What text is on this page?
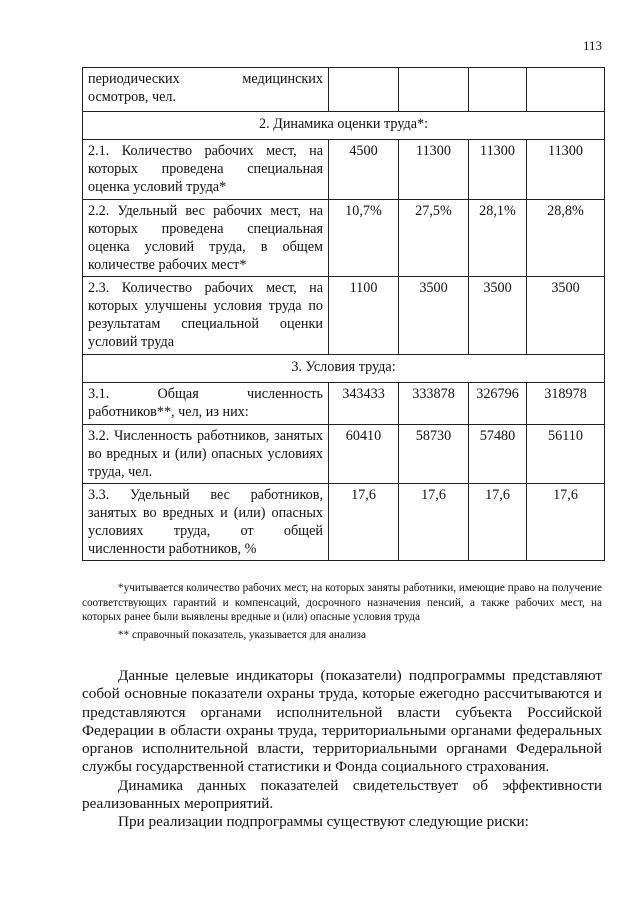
113
периодических медицинских осмотров, чел.				
2. Динамика оценки труда*:				
2.1. Количество рабочих мест, на которых проведена специальная оценка условий труда*	4500	11300	11300	11300
2.2. Удельный вес рабочих мест, на которых проведена специальная оценка условий труда, в общем количестве рабочих мест*	10,7%	27,5%	28,1%	28,8%
2.3. Количество рабочих мест, на которых улучшены условия труда по результатам специальной оценки условий труда	1100	3500	3500	3500
3. Условия труда:				
3.1. Общая численность работников**, чел, из них:	343433	333878	326796	318978
3.2. Численность работников, занятых во вредных и (или) опасных условиях труда, чел.	60410	58730	57480	56110
3.3. Удельный вес работников, занятых во вредных и (или) опасных условиях труда, от общей численности работников, %	17,6	17,6	17,6	17,6

*учитывается количество рабочих мест, на которых заняты работники, имеющие право на получение соответствующих гарантий и компенсаций, досрочного назначения пенсий, а также рабочих мест, на которых ранее были выявлены вредные и (или) опасные условия труда

** справочный показатель, указывается для анализа

Данные целевые индикаторы (показатели) подпрограммы представляют собой основные показатели охраны труда, которые ежегодно рассчитываются и представляются органами исполнительной власти субъекта Российской Федерации в области охраны труда, территориальными органами федеральных органов исполнительной власти, территориальными органами Федеральной службы государственной статистики и Фонда социального страхования.

Динамика данных показателей свидетельствует об эффективности реализованных мероприятий.

При реализации подпрограммы существуют следующие риски:
